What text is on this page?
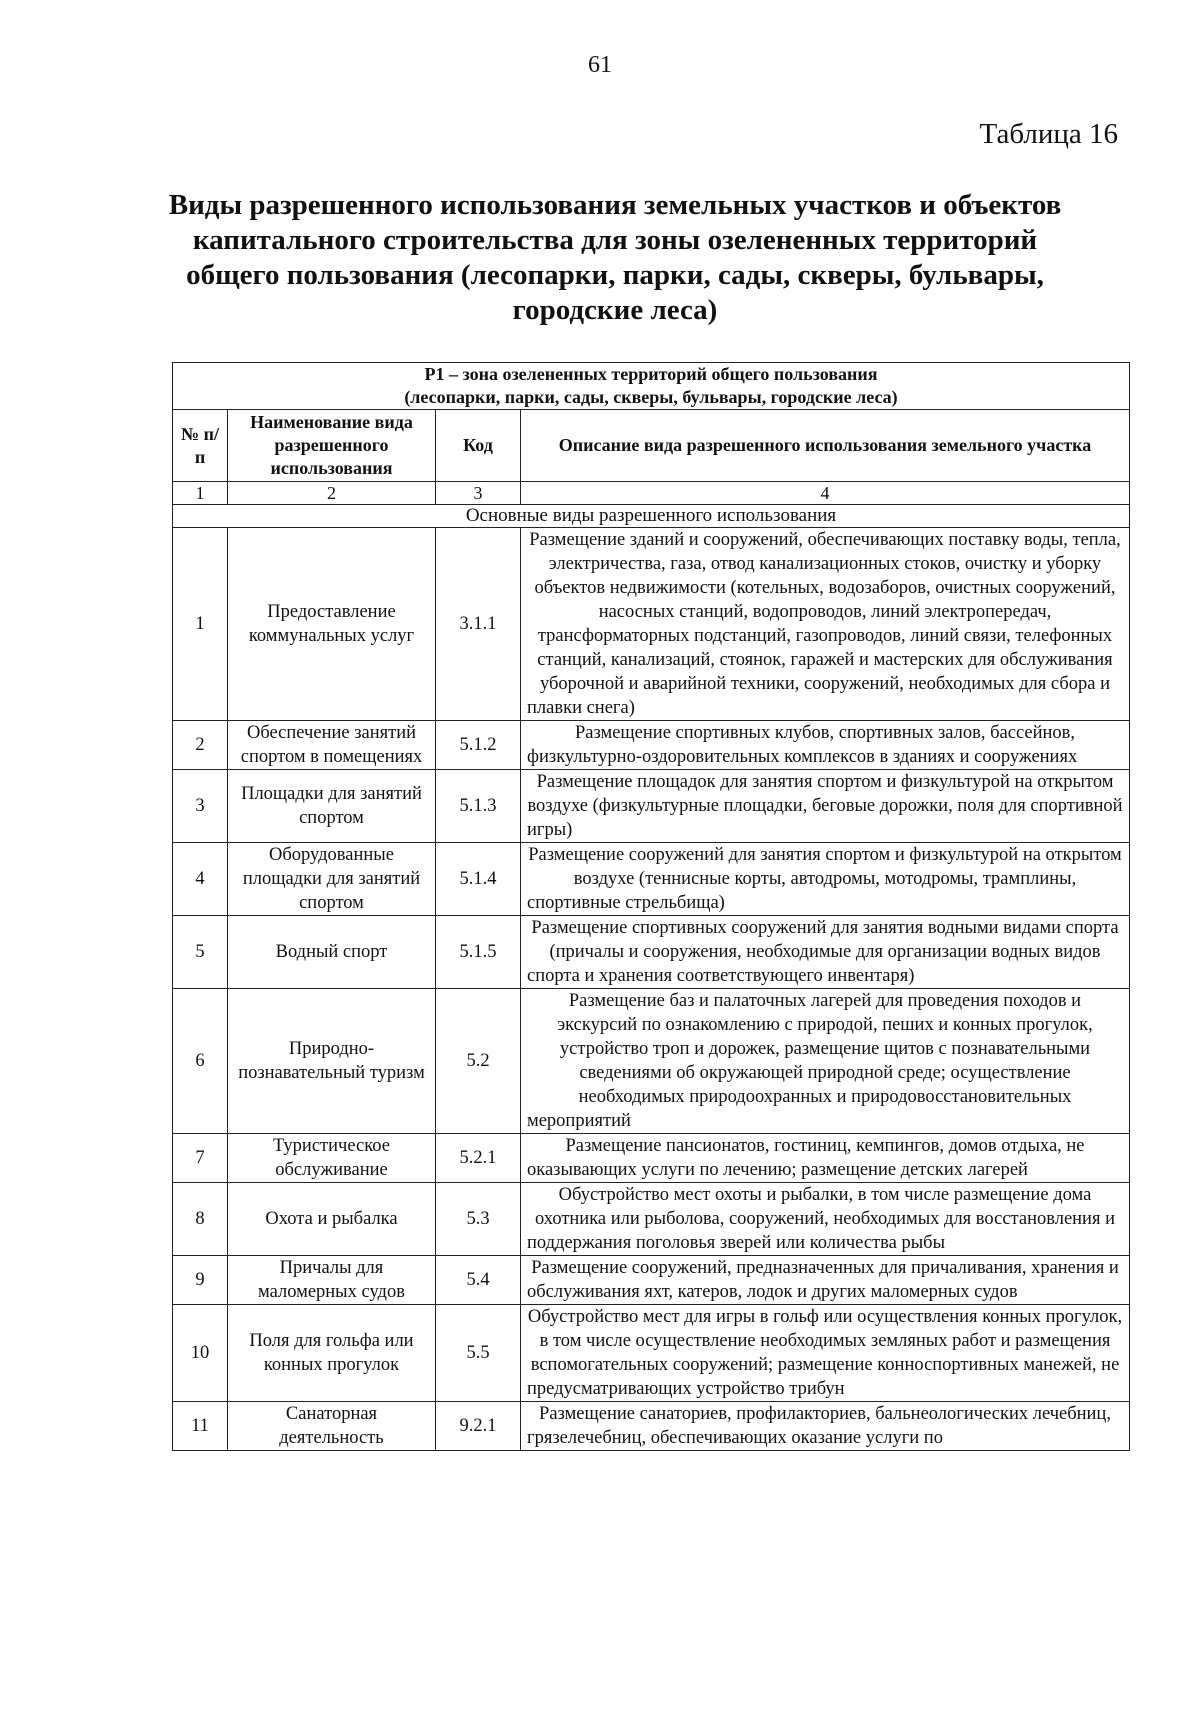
61
Таблица 16
Виды разрешенного использования земельных участков и объектов капитального строительства для зоны озелененных территорий общего пользования (лесопарки, парки, сады, скверы, бульвары, городские леса)
Р1 – зона озелененных территорий общего пользования
(лесопарки, парки, сады, скверы, бульвары, городские леса)			

№ п/п	Наименование вида разрешенного использования	Код	Описание вида разрешенного использования земельного участка
1	2	3	4
Основные виды разрешенного использования			
1	Предоставление коммунальных услуг	3.1.1	Размещение зданий и сооружений, обеспечивающих поставку воды, тепла, электричества, газа, отвод канализационных стоков, очистку и уборку объектов недвижимости (котельных, водозаборов, очистных сооружений, насосных станций, водопроводов, линий электропередач, трансформаторных подстанций, газопроводов, линий связи, телефонных станций, канализаций, стоянок, гаражей и мастерских для обслуживания уборочной и аварийной техники, сооружений, необходимых для сбора и плавки снега)
2	Обеспечение занятий спортом в помещениях	5.1.2	Размещение спортивных клубов, спортивных залов, бассейнов, физкультурно-оздоровительных комплексов в зданиях и сооружениях
3	Площадки для занятий спортом	5.1.3	Размещение площадок для занятия спортом и физкультурой на открытом воздухе (физкультурные площадки, беговые дорожки, поля для спортивной игры)
4	Оборудованные площадки для занятий спортом	5.1.4	Размещение сооружений для занятия спортом и физкультурой на открытом воздухе (теннисные корты, автодромы, мотодромы, трамплины, спортивные стрельбища)
5	Водный спорт	5.1.5	Размещение спортивных сооружений для занятия водными видами спорта (причалы и сооружения, необходимые для организации водных видов спорта и хранения соответствующего инвентаря)
6	Природно-познавательный туризм	5.2	Размещение баз и палаточных лагерей для проведения походов и экскурсий по ознакомлению с природой, пеших и конных прогулок, устройство троп и дорожек, размещение щитов с познавательными сведениями об окружающей природной среде; осуществление необходимых природоохранных и природовосстановительных мероприятий
7	Туристическое обслуживание	5.2.1	Размещение пансионатов, гостиниц, кемпингов, домов отдыха, не оказывающих услуги по лечению; размещение детских лагерей
8	Охота и рыбалка	5.3	Обустройство мест охоты и рыбалки, в том числе размещение дома охотника или рыболова, сооружений, необходимых для восстановления и поддержания поголовья зверей или количества рыбы
9	Причалы для маломерных судов	5.4	Размещение сооружений, предназначенных для причаливания, хранения и обслуживания яхт, катеров, лодок и других маломерных судов
10	Поля для гольфа или конных прогулок	5.5	Обустройство мест для игры в гольф или осуществления конных прогулок, в том числе осуществление необходимых земляных работ и размещения вспомогательных сооружений; размещение конноспортивных манежей, не предусматривающих устройство трибун
11	Санаторная деятельность	9.2.1	Размещение санаториев, профилакториев, бальнеологических лечебниц, грязелечебниц, обеспечивающих оказание услуги по
